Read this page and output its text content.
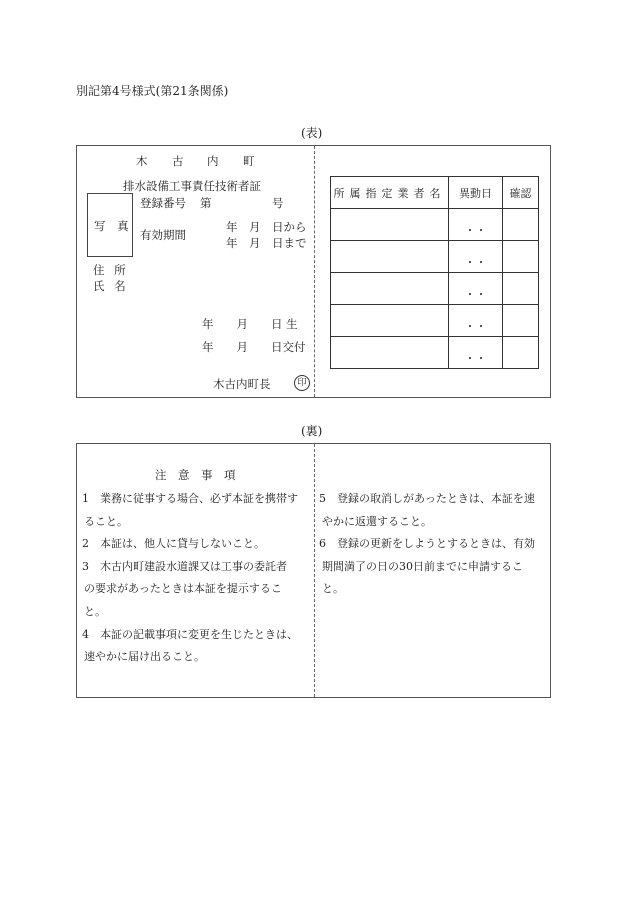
別記第4号様式(第21条関係)
(表)
木 古 内 町
排水設備工事責任技術者証
写 真
登録番号 第	号
有効期間
年　月　日から
年　月　日まで
住 所
氏 名
年　　月　　日 生
年　　月　　日交付
木古内町長	印
所属指定業者名	異動日	確認
	・・	
	・・	
	・・	
	・・	
	・・	
(裏)
注　意　事　項
1　業務に従事する場合、必ず本証を携帯す
ること。
2　本証は、他人に貸与しないこと。
3　木古内町建設水道課又は工事の委託者
の要求があったときは本証を提示するこ
と。
4　本証の記載事項に変更を生じたときは、
速やかに届け出ること。
5　登録の取消しがあったときは、本証を速
やかに返還すること。
6　登録の更新をしようとするときは、有効
期間満了の日の30日前までに申請するこ
と。
